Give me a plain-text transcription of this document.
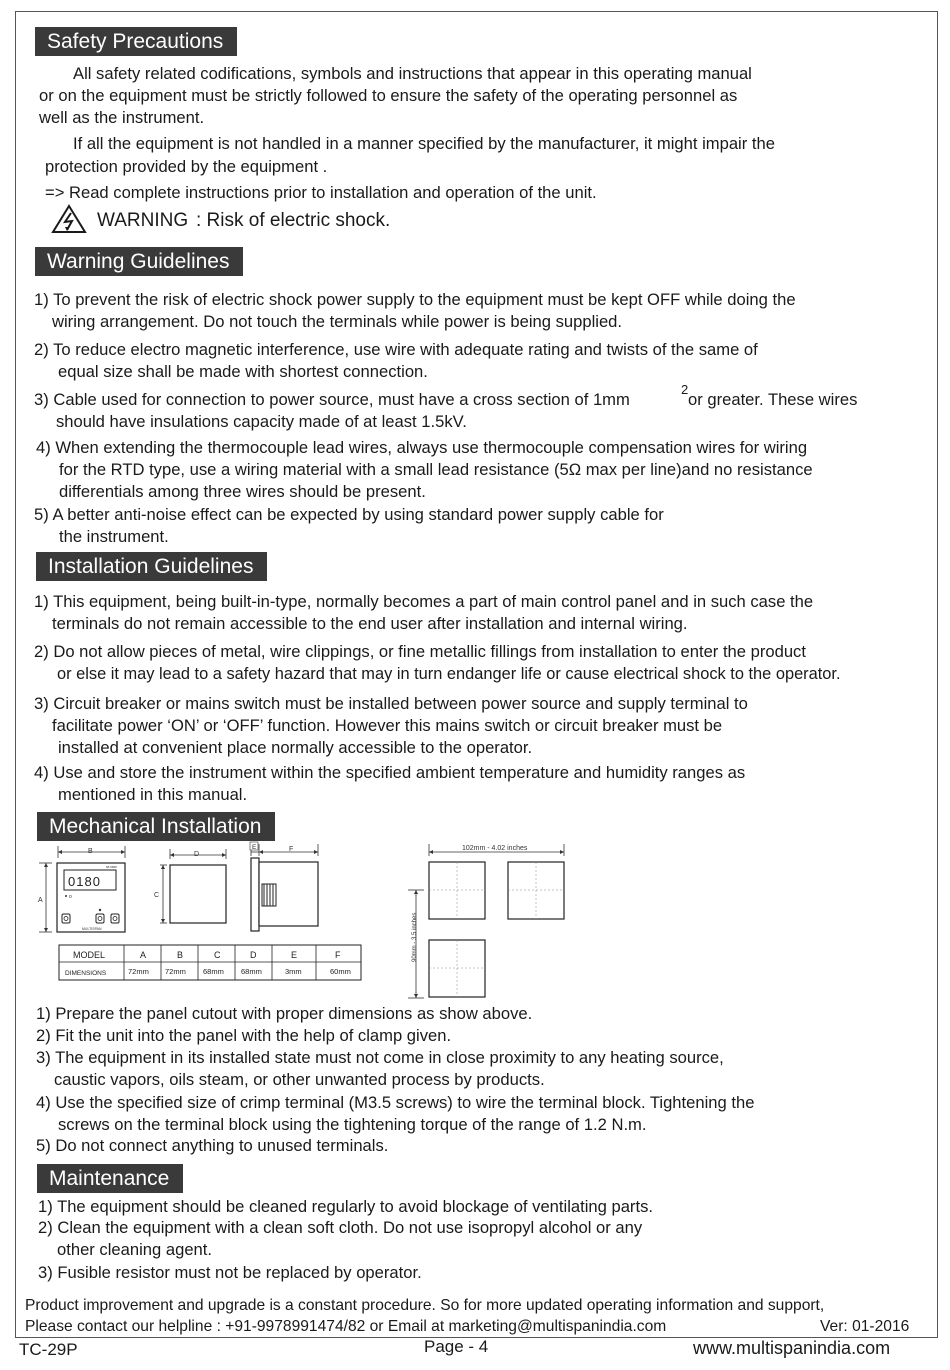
Safety Precautions
All safety related codifications, symbols and instructions that appear in this operating manual
or on the equipment must be strictly followed to ensure the safety of the operating personnel as
well as the instrument.
If all the equipment is not handled in a manner specified by the manufacturer, it might impair the
protection provided by the equipment .
=> Read complete instructions prior to installation and operation of the unit.
WARNING : Risk of electric shock.
Warning Guidelines
1) To prevent the risk of electric shock power supply to the equipment must be kept OFF while doing the
wiring arrangement. Do not touch the terminals while power is being supplied.
2) To reduce electro magnetic interference, use wire with adequate rating and twists of the same of
equal size shall be made with shortest connection.
3) Cable used for connection to power source, must have a cross section of 1mm
2
or greater. These wires
should have insulations capacity made of at least 1.5kV.
4) When extending the thermocouple lead wires, always use thermocouple compensation wires for wiring
for the RTD type, use a wiring material with a small lead resistance (5Ω max per line)and no resistance
differentials among three wires should be present.
5) A better anti-noise effect can be expected by using standard power supply cable for
the instrument.
Installation Guidelines
1) This equipment, being built-in-type, normally becomes a part of main control panel and in such case the
terminals do not remain accessible to the end user after installation and internal wiring.
2) Do not allow pieces of metal, wire clippings, or fine metallic fillings from installation to enter the product
or else it may lead to a safety hazard that may in turn endanger life or cause electrical shock to the operator.
3) Circuit breaker or mains switch must be installed between power source and supply terminal to
facilitate power ‘ON’ or ‘OFF’ function. However this mains switch or circuit breaker must be
installed at convenient place normally accessible to the operator.
4) Use and store the instrument within the specified ambient temperature and humidity ranges as
mentioned in this manual.
Mechanical Installation
B
A
0180
88.8888
o
MULTISPAN
D
C
E	F	102mm - 4.02 inches
90mm - 3.5 inches
MODEL	A	B	C	D	E	F
DIMENSIONS	72mm 72mm 68mm 68mm	3mm	60mm
1) Prepare the panel cutout with proper dimensions as show above.
2) Fit the unit into the panel with the help of clamp given.
3) The equipment in its installed state must not come in close proximity to any heating source,
caustic vapors, oils steam, or other unwanted process by products.
4) Use the specified size of crimp terminal (M3.5 screws) to wire the terminal block. Tightening the
screws on the terminal block using the tightening torque of the range of 1.2 N.m.
5) Do not connect anything to unused terminals.
Maintenance
1) The equipment should be cleaned regularly to avoid blockage of ventilating parts.
2) Clean the equipment with a clean soft cloth. Do not use isopropyl alcohol or any
other cleaning agent.
3) Fusible resistor must not be replaced by operator.
Product improvement and upgrade is a constant procedure. So for more updated operating information and support,
Please contact our helpline : +91-9978991474/82 or Email at marketing@multispanindia.com	Ver: 01-2016
TC-29P	Page - 4	www.multispanindia.com
